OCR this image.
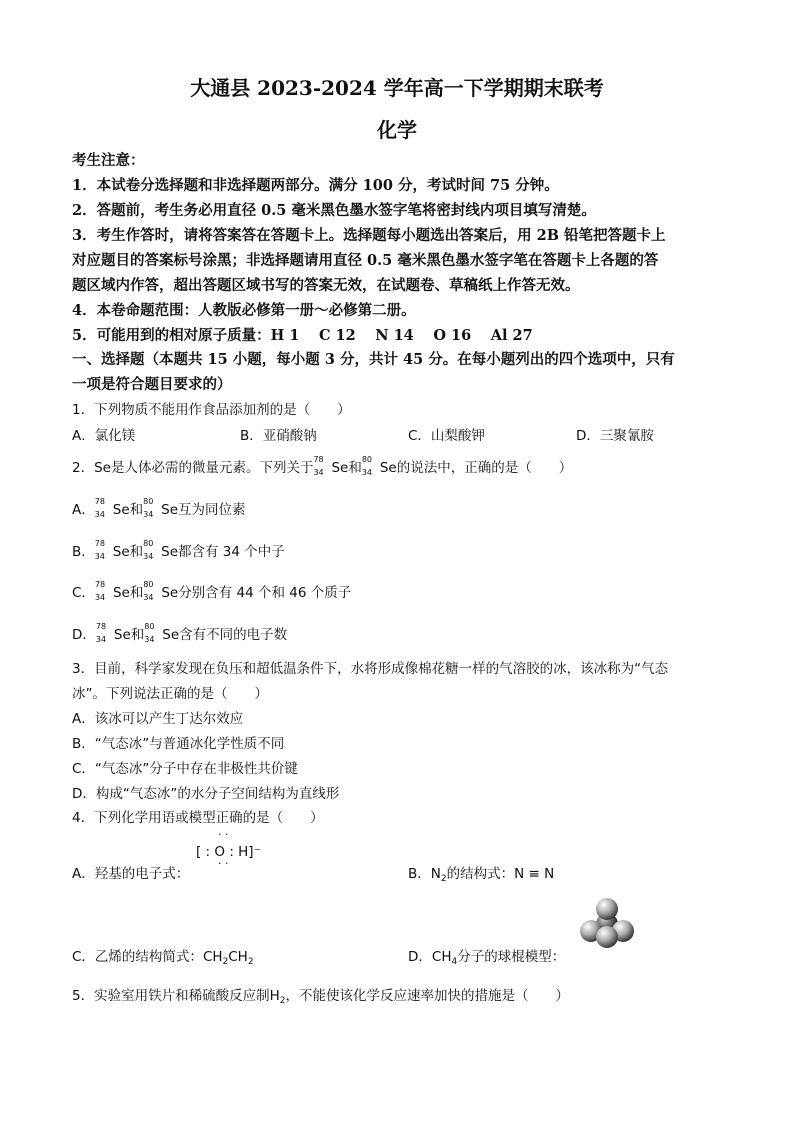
大通县 2023-2024 学年高一下学期期末联考
化学
考生注意：
1．本试卷分选择题和非选择题两部分。满分 100 分，考试时间 75 分钟。
2．答题前，考生务必用直径 0.5 毫米黑色墨水签字笔将密封线内项目填写清楚。
3．考生作答时，请将答案答在答题卡上。选择题每小题选出答案后，用 2B 铅笔把答题卡上
对应题目的答案标号涂黑；非选择题请用直径 0.5 毫米黑色墨水签字笔在答题卡上各题的答
题区域内作答，超出答题区域书写的答案无效，在试题卷、草稿纸上作答无效。
4．本卷命题范围：人教版必修第一册～必修第二册。
5．可能用到的相对原子质量：H 1　 C 12　 N 14　 O 16　 Al 27
一、选择题（本题共 15 小题，每小题 3 分，共计 45 分。在每小题列出的四个选项中，只有
一项是符合题目要求的）
1．下列物质不能用作食品添加剂的是（　　）
A．氯化镁	B．亚硝酸钠	C．山梨酸钾	D．三聚氰胺
2．Se是人体必需的微量元素。下列关于
78
34 Se和
80
34 Se的说法中，正确的是（　　）
A．
78
34 Se和
80
34 Se互为同位素
B．
78
34 Se和
80
34 Se都含有 34 个中子
C．
78
34 Se和
80
34 Se分别含有 44 个和 46 个质子
D．
78
34 Se和
80
34 Se含有不同的电子数
3．目前，科学家发现在负压和超低温条件下，水将形成像棉花糖一样的气溶胶的冰，该冰称为“气态
冰”。下列说法正确的是（　　）
A．该冰可以产生丁达尔效应
B．“气态冰”与普通冰化学性质不同
C．“气态冰”分子中存在非极性共价键
D．构成“气态冰”的水分子空间结构为直线形
4．下列化学用语或模型正确的是（　　）
· ·
[ : O : H]⁻
· ·
A．羟基的电子式：	B．$N_2$的结构式：N ≡ N
C．乙烯的结构简式：$CH_2CH_2$	D．$CH_4$分子的球棍模型：
5．实验室用铁片和稀硫酸反应制$H_2$，不能使该化学反应速率加快的措施是（　　）
